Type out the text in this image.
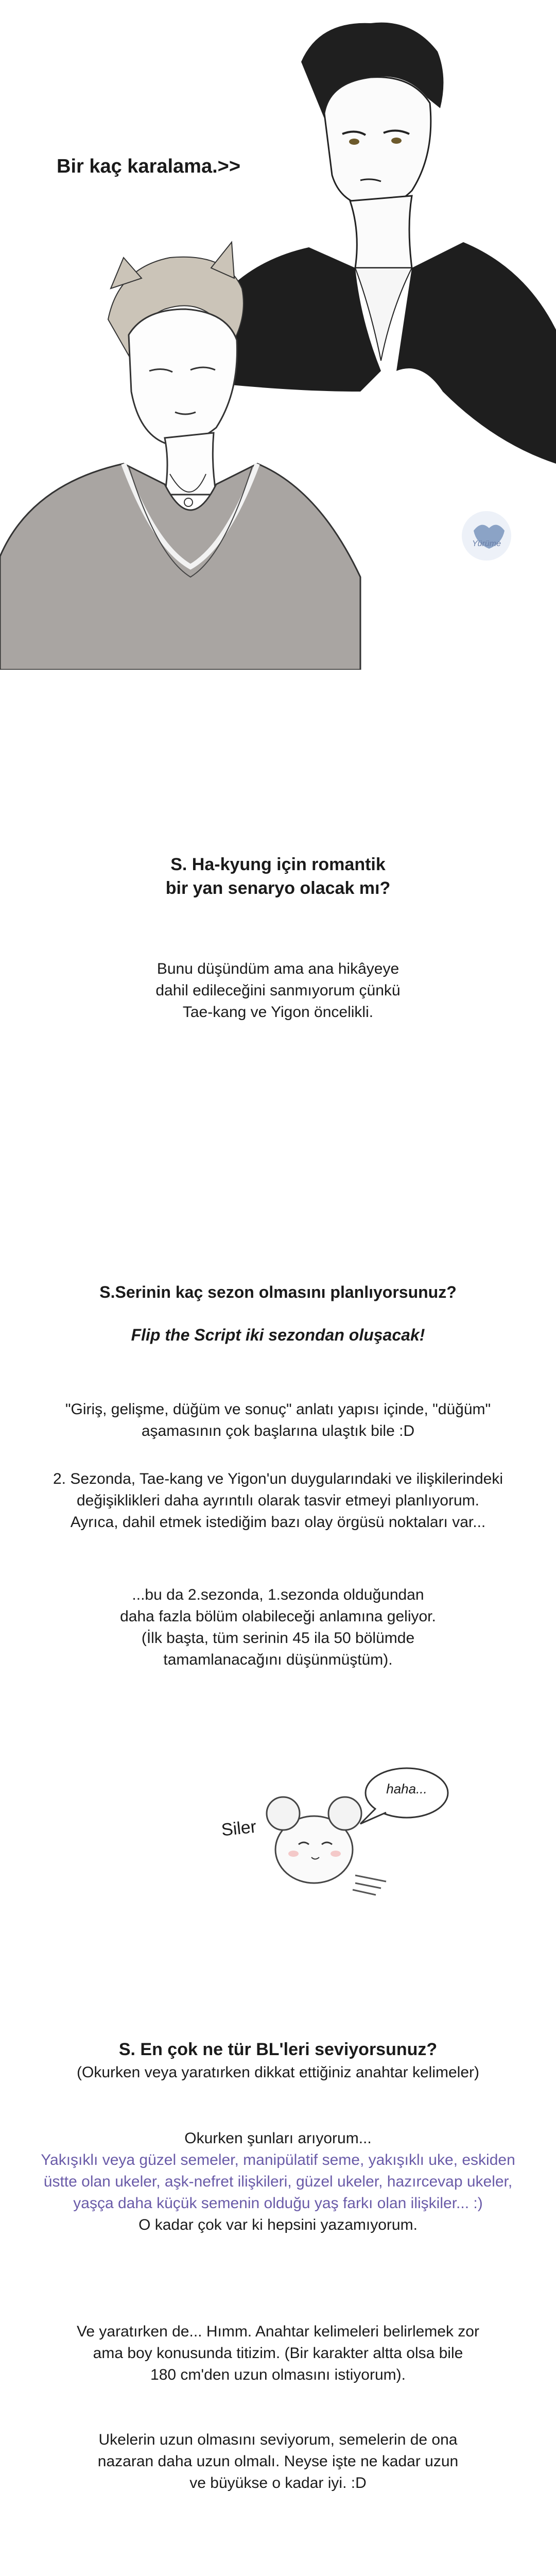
Bir kaç karalama.>>
Yürüme
S. Ha-kyung için romantik
bir yan senaryo olacak mı?
Bunu düşündüm ama ana hikâyeye
dahil edileceğini sanmıyorum çünkü
Tae-kang ve Yigon öncelikli.
S.Serinin kaç sezon olmasını planlıyorsunuz?
Flip the Script iki sezondan oluşacak!
"Giriş, gelişme, düğüm ve sonuç" anlatı yapısı içinde, "düğüm"
aşamasının çok başlarına ulaştık bile :D
2. Sezonda, Tae-kang ve Yigon'un duygularındaki ve ilişkilerindeki
değişiklikleri daha ayrıntılı olarak tasvir etmeyi planlıyorum.
Ayrıca, dahil etmek istediğim bazı olay örgüsü noktaları var...
...bu da 2.sezonda, 1.sezonda olduğundan
daha fazla bölüm olabileceği anlamına geliyor.
(İlk başta, tüm serinin 45 ila 50 bölümde
tamamlanacağını düşünmüştüm).
haha...
Siler
S. En çok ne tür BL'leri seviyorsunuz?
(Okurken veya yaratırken dikkat ettiğiniz anahtar kelimeler)
Okurken şunları arıyorum...
Yakışıklı veya güzel semeler, manipülatif seme, yakışıklı uke, eskiden
üstte olan ukeler, aşk-nefret ilişkileri, güzel ukeler, hazırcevap ukeler,
yaşça daha küçük semenin olduğu yaş farkı olan ilişkiler... :)
O kadar çok var ki hepsini yazamıyorum.
Ve yaratırken de... Hımm. Anahtar kelimeleri belirlemek zor
ama boy konusunda titizim. (Bir karakter altta olsa bile
180 cm'den uzun olmasını istiyorum).
Ukelerin uzun olmasını seviyorum, semelerin de ona
nazaran daha uzun olmalı. Neyse işte ne kadar uzun
ve büyükse o kadar iyi. :D
